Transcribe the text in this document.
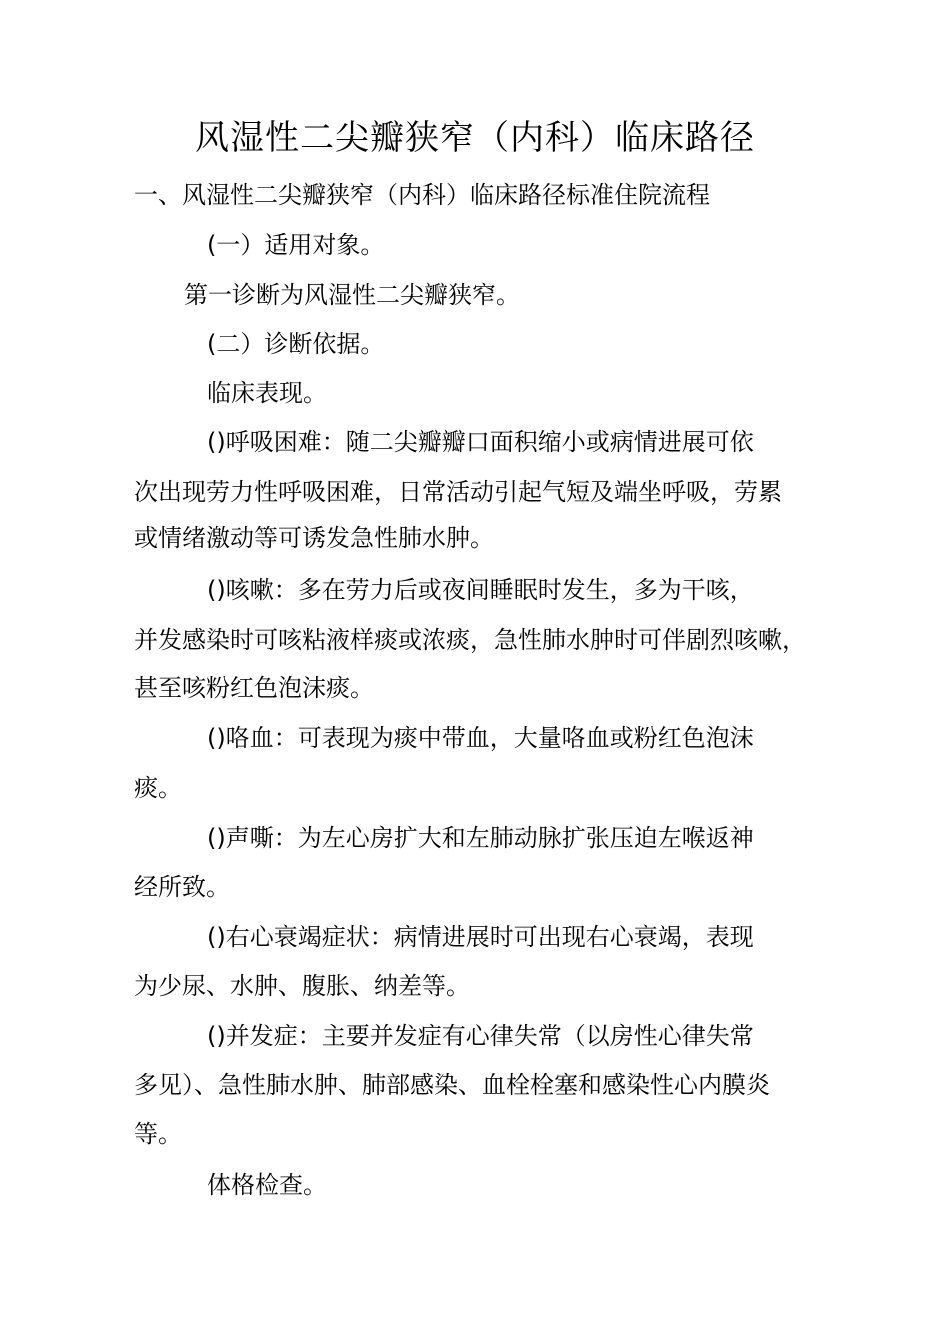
风湿性二尖瓣狭窄（内科）临床路径
一、风湿性二尖瓣狭窄（内科）临床路径标准住院流程
(一）适用对象。
第一诊断为风湿性二尖瓣狭窄。
(二）诊断依据。
临床表现。
()呼吸困难：随二尖瓣瓣口面积缩小或病情进展可依
次出现劳力性呼吸困难，日常活动引起气短及端坐呼吸，劳累
或情绪激动等可诱发急性肺水肿。
()咳嗽：多在劳力后或夜间睡眠时发生，多为干咳，
并发感染时可咳粘液样痰或浓痰，急性肺水肿时可伴剧烈咳嗽，
甚至咳粉红色泡沫痰。
()咯血：可表现为痰中带血，大量咯血或粉红色泡沫
痰。
()声嘶：为左心房扩大和左肺动脉扩张压迫左喉返神
经所致。
()右心衰竭症状：病情进展时可出现右心衰竭，表现
为少尿、水肿、腹胀、纳差等。
()并发症：主要并发症有心律失常（以房性心律失常
多见）、急性肺水肿、肺部感染、血栓栓塞和感染性心内膜炎
等。
体格检查。
